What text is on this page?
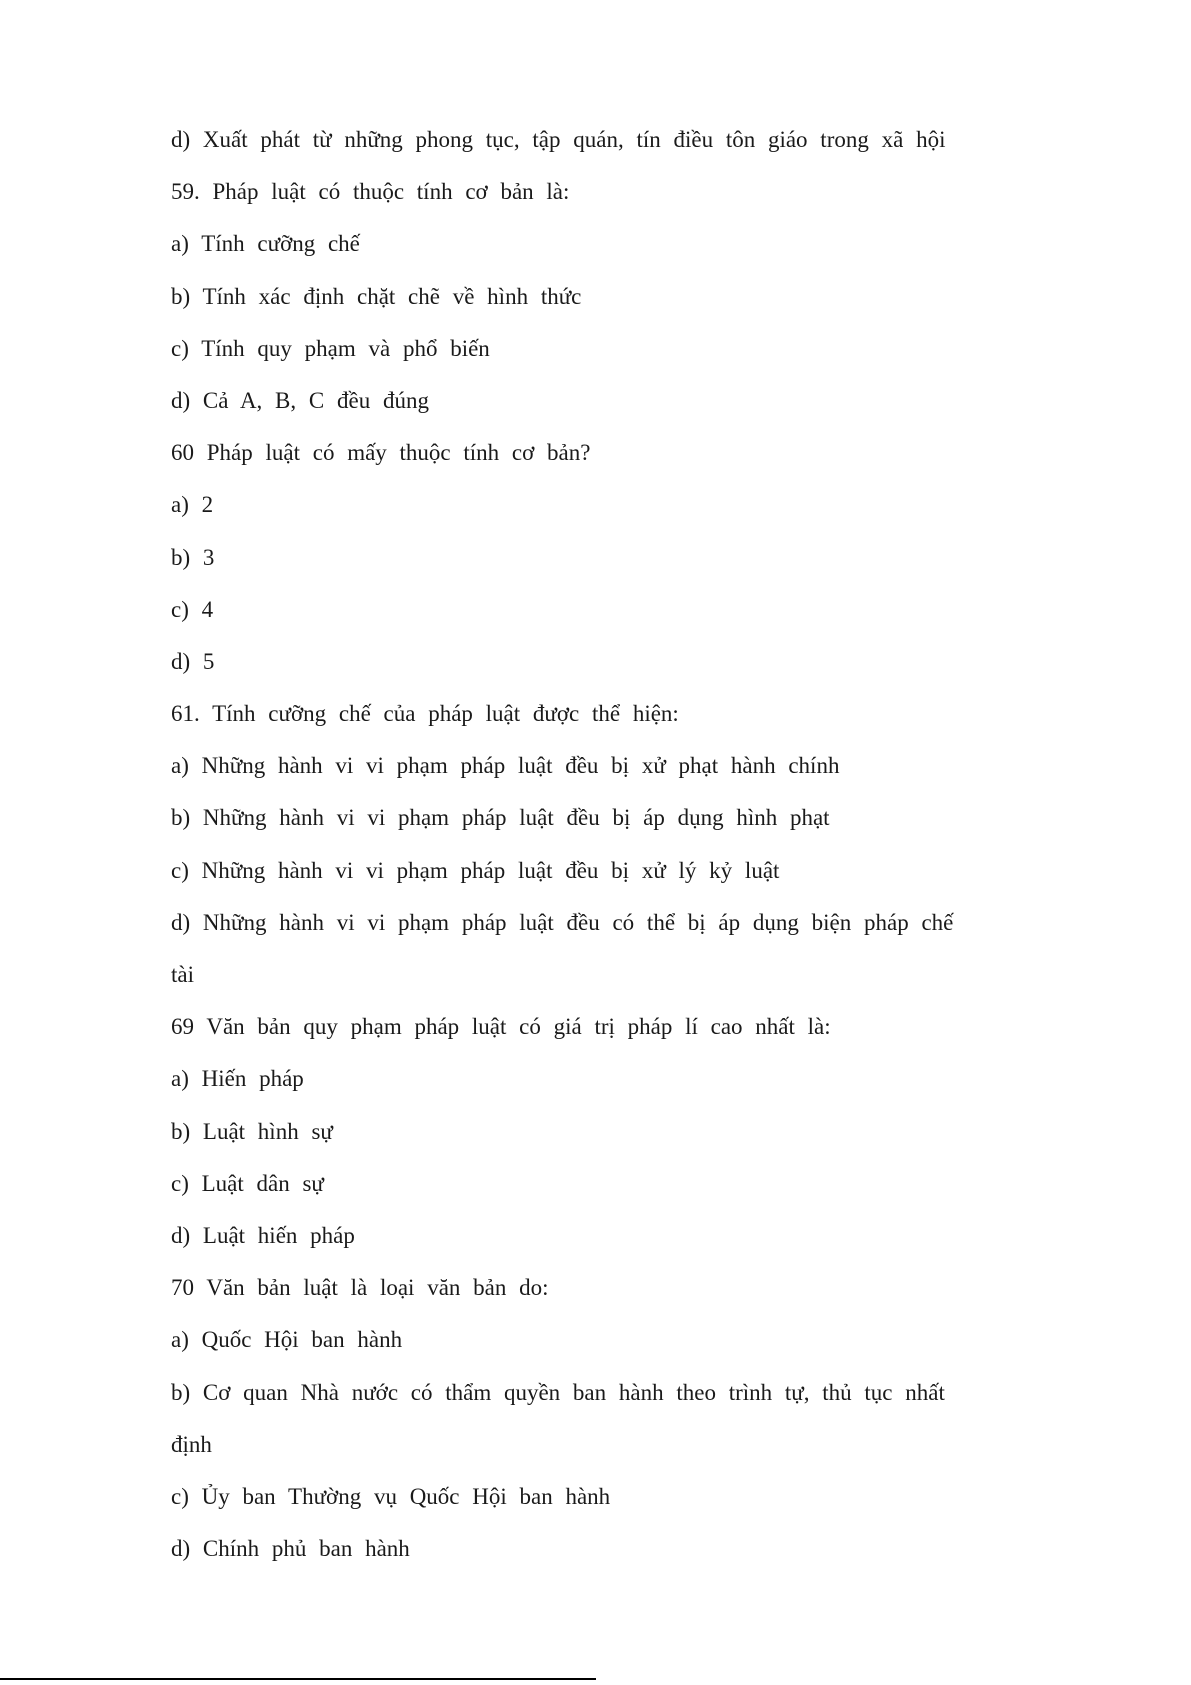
d) Xuất phát từ những phong tục, tập quán, tín điều tôn giáo trong xã hội
59. Pháp luật có thuộc tính cơ bản là:
a) Tính cưỡng chế
b) Tính xác định chặt chẽ về hình thức
c) Tính quy phạm và phổ biến
d) Cả A, B, C đều đúng
60 Pháp luật có mấy thuộc tính cơ bản?
a) 2
b) 3
c) 4
d) 5
61. Tính cưỡng chế của pháp luật được thể hiện:
a) Những hành vi vi phạm pháp luật đều bị xử phạt hành chính
b) Những hành vi vi phạm pháp luật đều bị áp dụng hình phạt
c) Những hành vi vi phạm pháp luật đều bị xử lý kỷ luật
d) Những hành vi vi phạm pháp luật đều có thể bị áp dụng biện pháp chế
tài
69 Văn bản quy phạm pháp luật có giá trị pháp lí cao nhất là:
a) Hiến pháp
b) Luật hình sự
c) Luật dân sự
d) Luật hiến pháp
70 Văn bản luật là loại văn bản do:
a) Quốc Hội ban hành
b) Cơ quan Nhà nước có thẩm quyền ban hành theo trình tự, thủ tục nhất
định
c) Ủy ban Thường vụ Quốc Hội ban hành
d) Chính phủ ban hành
